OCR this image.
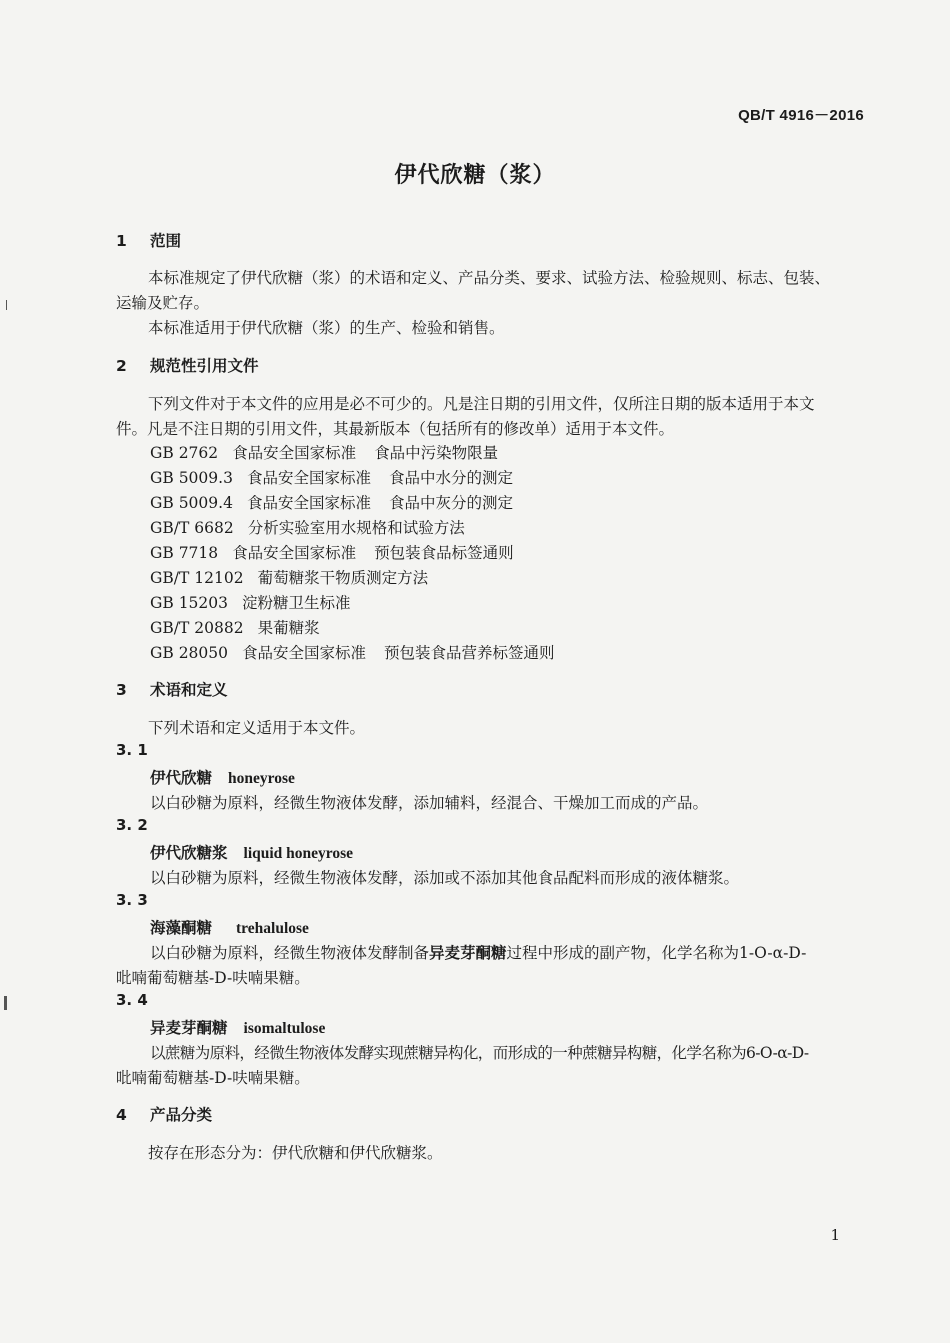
QB/T 4916－2016
伊代欣糖（浆）
1 范围
本标准规定了伊代欣糖（浆）的术语和定义、产品分类、要求、试验方法、检验规则、标志、包装、
运输及贮存。
本标准适用于伊代欣糖（浆）的生产、检验和销售。
2 规范性引用文件
下列文件对于本文件的应用是必不可少的。凡是注日期的引用文件，仅所注日期的版本适用于本文
件。凡是不注日期的引用文件，其最新版本（包括所有的修改单）适用于本文件。
GB 2762 食品安全国家标准 食品中污染物限量
GB 5009.3 食品安全国家标准 食品中水分的测定
GB 5009.4 食品安全国家标准 食品中灰分的测定
GB/T 6682 分析实验室用水规格和试验方法
GB 7718 食品安全国家标准 预包装食品标签通则
GB/T 12102 葡萄糖浆干物质测定方法
GB 15203 淀粉糖卫生标准
GB/T 20882 果葡糖浆
GB 28050 食品安全国家标准 预包装食品营养标签通则
3 术语和定义
下列术语和定义适用于本文件。
3. 1
伊代欣糖 honeyrose
以白砂糖为原料，经微生物液体发酵，添加辅料，经混合、干燥加工而成的产品。
3. 2
伊代欣糖浆 liquid honeyrose
以白砂糖为原料，经微生物液体发酵，添加或不添加其他食品配料而形成的液体糖浆。
3. 3
海藻酮糖 trehalulose
以白砂糖为原料，经微生物液体发酵制备异麦芽酮糖过程中形成的副产物，化学名称为1-O-α-D-
吡喃葡萄糖基-D-呋喃果糖。
3. 4
异麦芽酮糖 isomaltulose
以蔗糖为原料，经微生物液体发酵实现蔗糖异构化，而形成的一种蔗糖异构糖，化学名称为6-O-α-D-
吡喃葡萄糖基-D-呋喃果糖。
4 产品分类
按存在形态分为：伊代欣糖和伊代欣糖浆。
1
